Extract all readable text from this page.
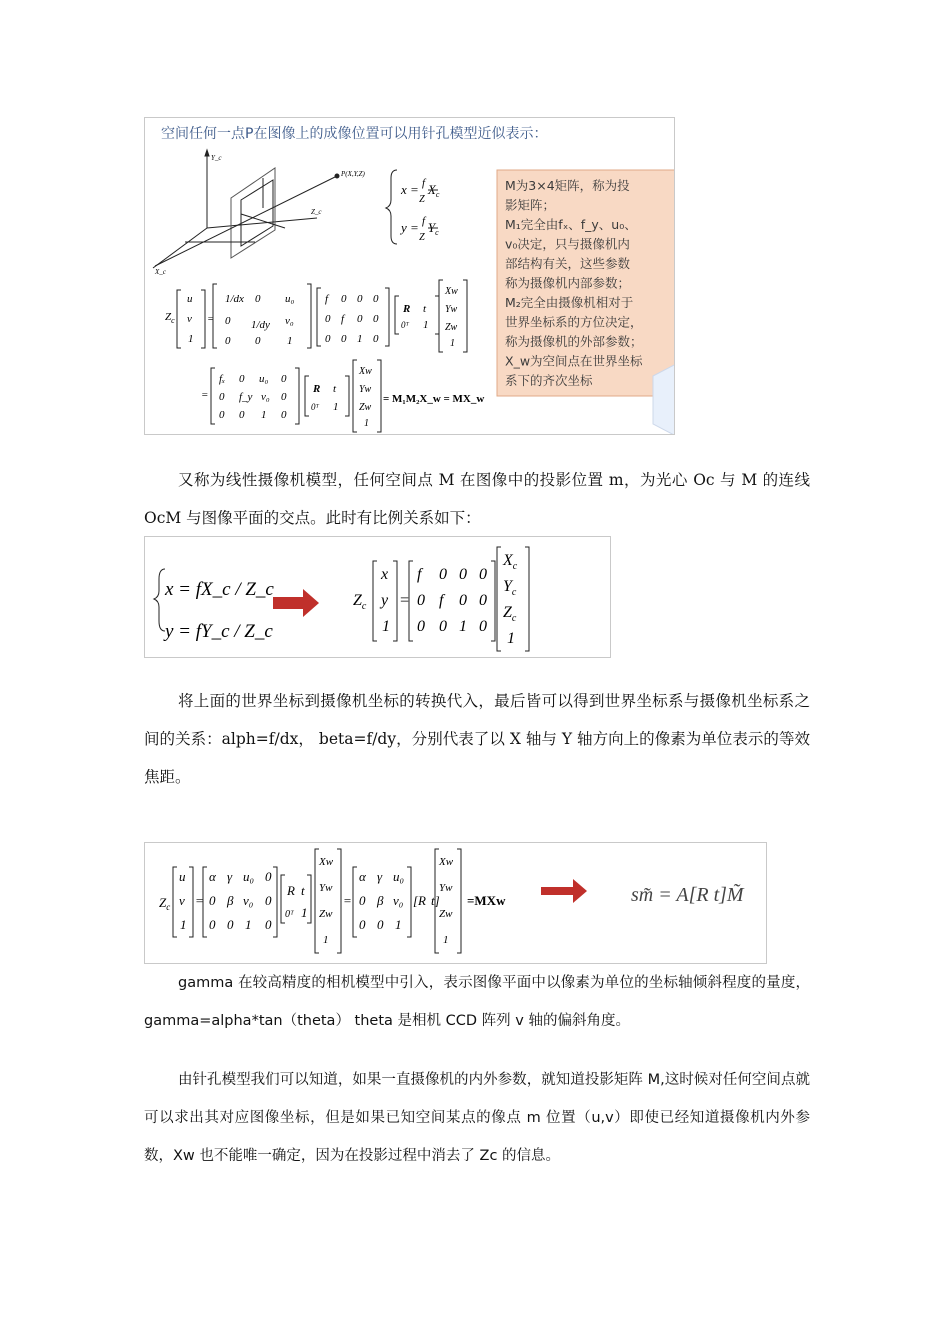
空间任何一点P在图像上的成像位置可以用针孔模型近似表示：
P(X,Y,Z)
Y_c
X_c
Z_c
x = $^f$ Z $X_c$
y = $^f$ Z $Y_c$
$Z_c$
u
v
1
=
1/dx 0 u₀
0 1/dy v₀
0 0 1
f 0 0 0
0 f 0 0
0 0 1 0
R t
0ᵀ 1
Xw
Yw
Zw
1
=
fₓ 0 u₀ 0
0 f_y v₀ 0
0 0 1 0
R t
0ᵀ 1
Xw
Yw
Zw
1
= M₁M₂X_w = MX_w
M为3×4矩阵，称为投
影矩阵；
M₁完全由fₓ、f_y、u₀、
v₀决定，只与摄像机内
部结构有关，这些参数
称为摄像机内部参数；
M₂完全由摄像机相对于
世界坐标系的方位决定，
称为摄像机的外部参数；
X_w为空间点在世界坐标
系下的齐次坐标

又称为线性摄像机模型，任何空间点 M 在图像中的投影位置 m，为光心 Oc 与 M 的连线 OcM 与图像平面的交点。此时有比例关系如下：

x = fX_c / Z_c
y = fY_c / Z_c
$Z_c$
x
y
1
=
f 0 0 0
0 f 0 0
0 0 1 0
$X_c$
$Y_c$
$Z_c$
1

将上面的世界坐标到摄像机坐标的转换代入，最后皆可以得到世界坐标系与摄像机坐标系之间的关系：alph=f/dx， beta=f/dy，分别代表了以 X 轴与 Y 轴方向上的像素为单位表示的等效焦距。

$Z_c$
u
v
1
=
α γ u₀ 0
0 β v₀ 0
0 0 1 0
R t
0ᵀ 1
Xw
Yw
Zw
1
=
α γ u₀
0 β v₀
0 0 1
[R t]
Xw
Yw
Zw
1
=MXw	sm̃ = A[R t]M̃

gamma 在较高精度的相机模型中引入，表示图像平面中以像素为单位的坐标轴倾斜程度的量度，gamma=alpha*tan（theta） theta 是相机 CCD 阵列 v 轴的偏斜角度。

由针孔模型我们可以知道，如果一直摄像机的内外参数，就知道投影矩阵 M,这时候对任何空间点就可以求出其对应图像坐标，但是如果已知空间某点的像点 m 位置（u,v）即使已经知道摄像机内外参数，Xw 也不能唯一确定，因为在投影过程中消去了 Zc 的信息。
